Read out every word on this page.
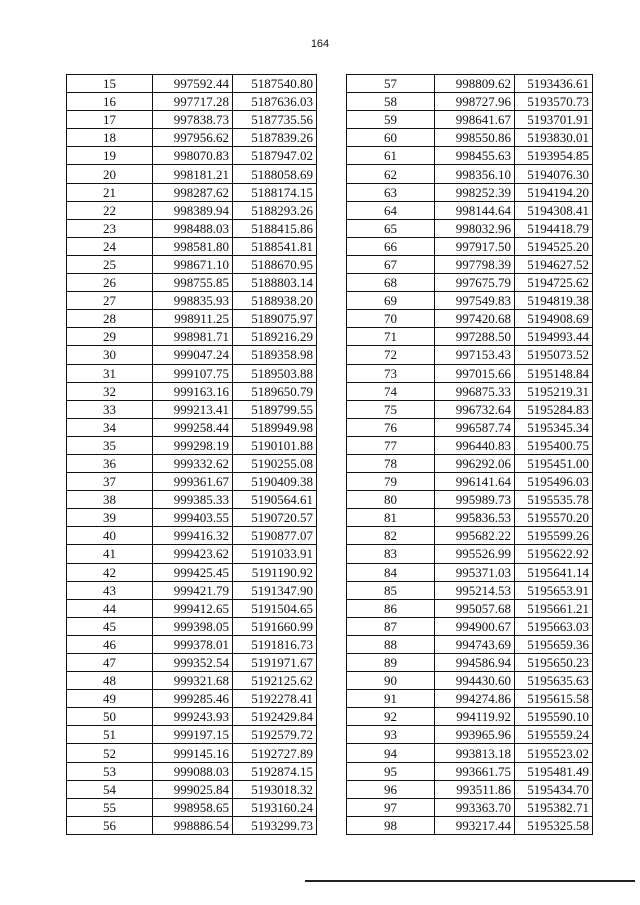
164
15	997592.44	5187540.80
16	997717.28	5187636.03
17	997838.73	5187735.56
18	997956.62	5187839.26
19	998070.83	5187947.02
20	998181.21	5188058.69
21	998287.62	5188174.15
22	998389.94	5188293.26
23	998488.03	5188415.86
24	998581.80	5188541.81
25	998671.10	5188670.95
26	998755.85	5188803.14
27	998835.93	5188938.20
28	998911.25	5189075.97
29	998981.71	5189216.29
30	999047.24	5189358.98
31	999107.75	5189503.88
32	999163.16	5189650.79
33	999213.41	5189799.55
34	999258.44	5189949.98
35	999298.19	5190101.88
36	999332.62	5190255.08
37	999361.67	5190409.38
38	999385.33	5190564.61
39	999403.55	5190720.57
40	999416.32	5190877.07
41	999423.62	5191033.91
42	999425.45	5191190.92
43	999421.79	5191347.90
44	999412.65	5191504.65
45	999398.05	5191660.99
46	999378.01	5191816.73
47	999352.54	5191971.67
48	999321.68	5192125.62
49	999285.46	5192278.41
50	999243.93	5192429.84
51	999197.15	5192579.72
52	999145.16	5192727.89
53	999088.03	5192874.15
54	999025.84	5193018.32
55	998958.65	5193160.24
56	998886.54	5193299.73
57	998809.62	5193436.61
58	998727.96	5193570.73
59	998641.67	5193701.91
60	998550.86	5193830.01
61	998455.63	5193954.85
62	998356.10	5194076.30
63	998252.39	5194194.20
64	998144.64	5194308.41
65	998032.96	5194418.79
66	997917.50	5194525.20
67	997798.39	5194627.52
68	997675.79	5194725.62
69	997549.83	5194819.38
70	997420.68	5194908.69
71	997288.50	5194993.44
72	997153.43	5195073.52
73	997015.66	5195148.84
74	996875.33	5195219.31
75	996732.64	5195284.83
76	996587.74	5195345.34
77	996440.83	5195400.75
78	996292.06	5195451.00
79	996141.64	5195496.03
80	995989.73	5195535.78
81	995836.53	5195570.20
82	995682.22	5195599.26
83	995526.99	5195622.92
84	995371.03	5195641.14
85	995214.53	5195653.91
86	995057.68	5195661.21
87	994900.67	5195663.03
88	994743.69	5195659.36
89	994586.94	5195650.23
90	994430.60	5195635.63
91	994274.86	5195615.58
92	994119.92	5195590.10
93	993965.96	5195559.24
94	993813.18	5195523.02
95	993661.75	5195481.49
96	993511.86	5195434.70
97	993363.70	5195382.71
98	993217.44	5195325.58
